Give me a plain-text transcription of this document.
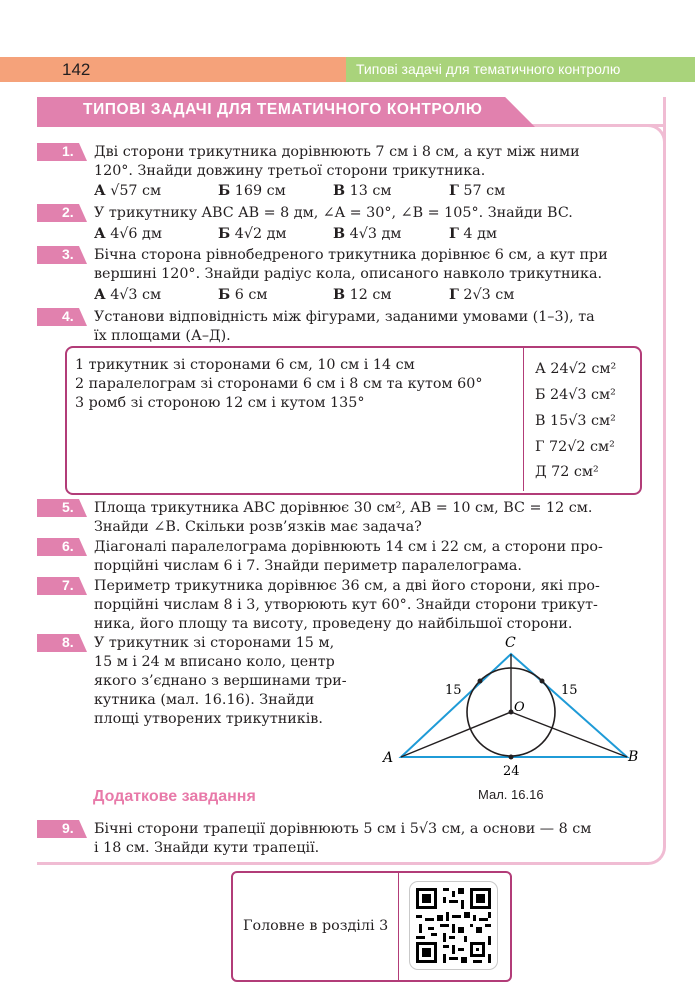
142	Типові задачі для тематичного контролю
ТИПОВІ ЗАДАЧІ ДЛЯ ТЕМАТИЧНОГО КОНТРОЛЮ
1. Дві сторони трикутника дорівнюють 7 см і 8 см, а кут між ними
120°. Знайди довжину третьої сторони трикутника.
А √57 см	Б 169 см	В 13 см	Г 57 см
2. У трикутнику ABC AB = 8 дм, ∠A = 30°, ∠B = 105°. Знайди BC.
А 4√6 дм	Б 4√2 дм	В 4√3 дм	Г 4 дм
3. Бічна сторона рівнобедреного трикутника дорівнює 6 см, а кут при
вершині 120°. Знайди радіус кола, описаного навколо трикутника.
А 4√3 см	Б 6 см	В 12 см	Г 2√3 см
4. Установи відповідність між фігурами, заданими умовами (1–3), та
їх площами (А–Д).
1 трикутник зі сторонами 6 см, 10 см і 14 см
2 паралелограм зі сторонами 6 см і 8 см та кутом 60°
3 ромб зі стороною 12 см і кутом 135°
А 24√2 см²
Б 24√3 см²
В 15√3 см²
Г 72√2 см²
Д 72 см²
5. Площа трикутника ABC дорівнює 30 см², AB = 10 см, BC = 12 см.
Знайди ∠B. Скільки розв’язків має задача?
6. Діагоналі паралелограма дорівнюють 14 см і 22 см, а сторони про-
порційні числам 6 і 7. Знайди периметр паралелограма.
7. Периметр трикутника дорівнює 36 см, а дві його сторони, які про-
порційні числам 8 і 3, утворюють кут 60°. Знайди сторони трикут-
ника, його площу та висоту, проведену до найбільшої сторони.
8. У трикутник зі сторонами 15 м,
15 м і 24 м вписано коло, центр
якого з’єднано з вершинами три-
кутника (мал. 16.16). Знайди
площі утворених трикутників.
A	B
C
O
15	15
24
Мал. 16.16
Додаткове завдання
9. Бічні сторони трапеції дорівнюють 5 см і 5√3 см, а основи — 8 см
і 18 см. Знайди кути трапеції.
Головне в розділі 3
